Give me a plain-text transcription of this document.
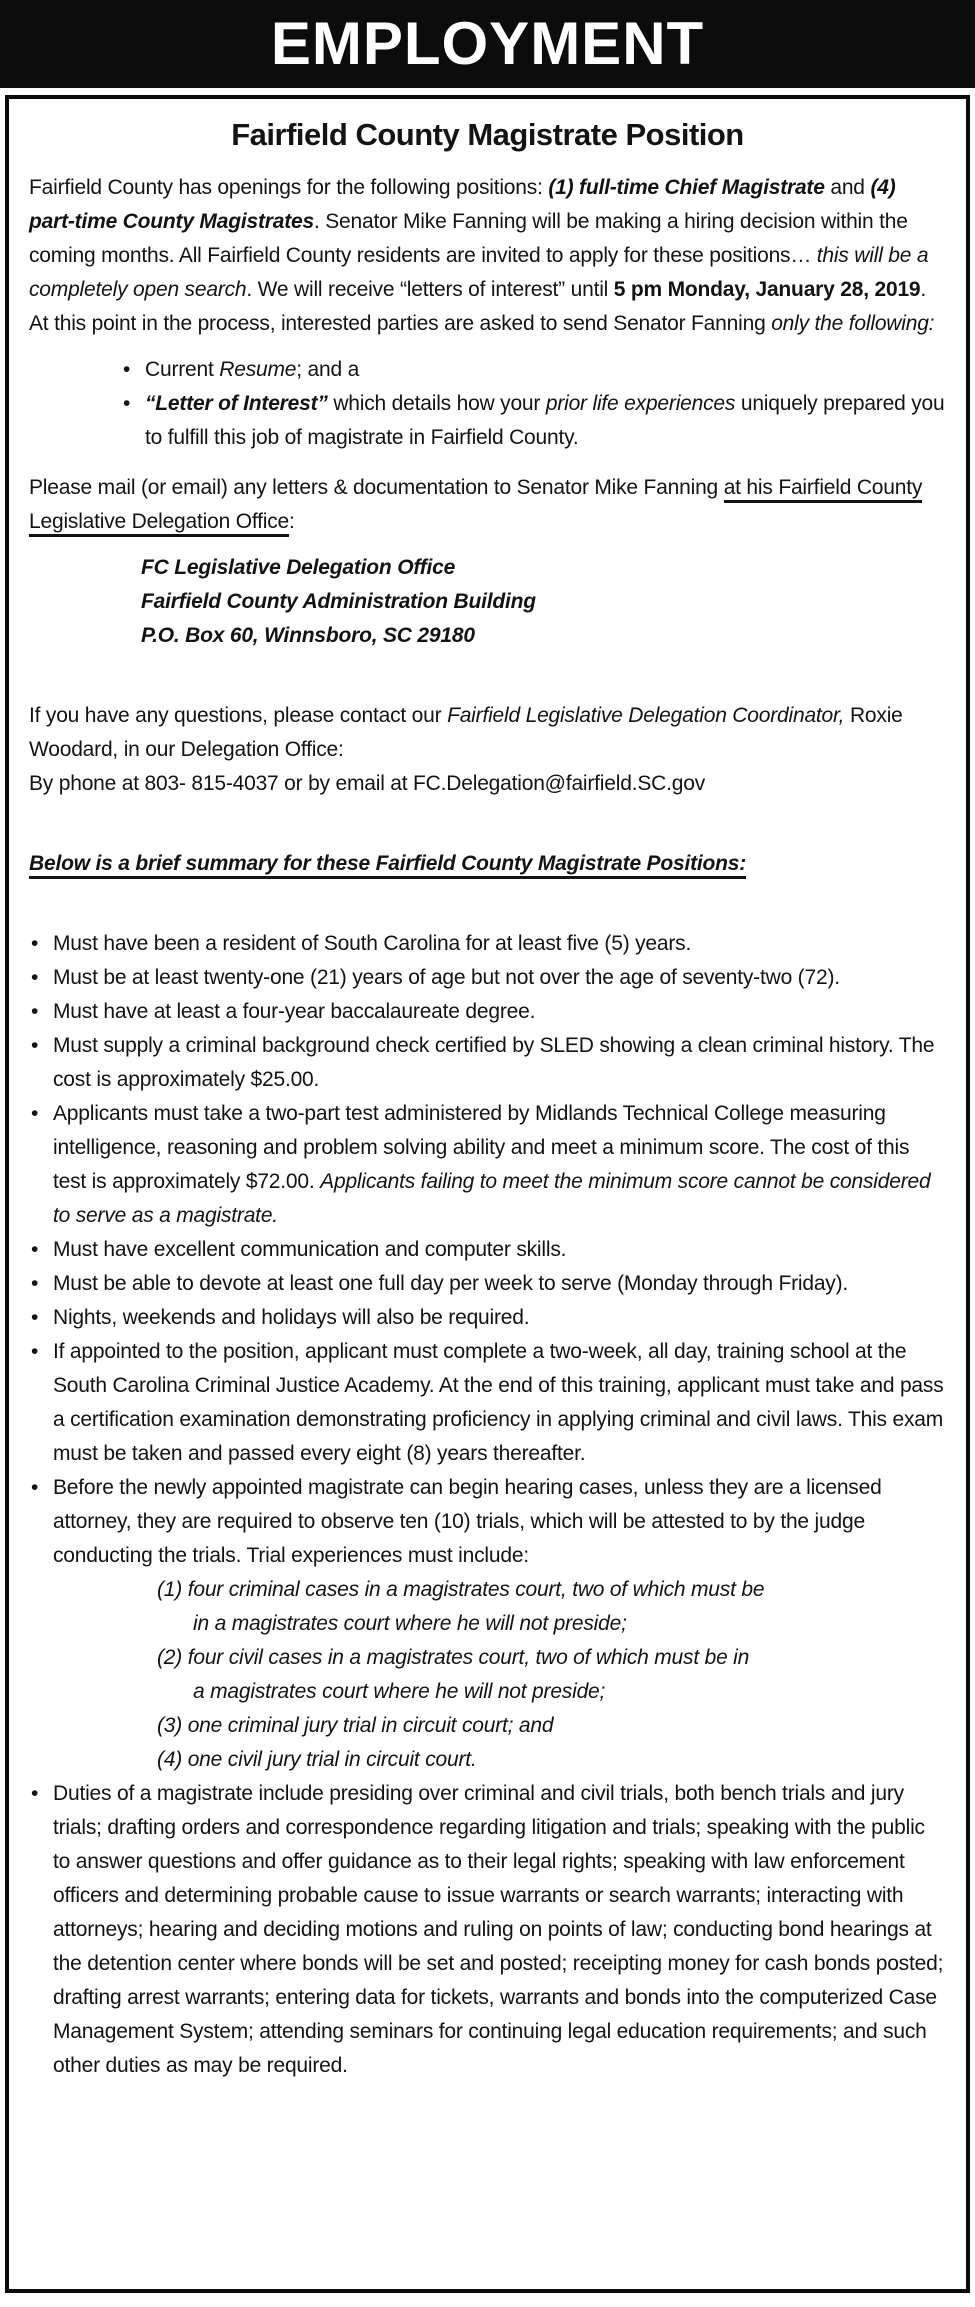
EMPLOYMENT
Fairfield County Magistrate Position

Fairfield County has openings for the following positions: (1) full-time Chief Magistrate and (4) part-time County Magistrates. Senator Mike Fanning will be making a hiring decision within the coming months. All Fairfield County residents are invited to apply for these positions… this will be a completely open search. We will receive “letters of interest” until 5 pm Monday, January 28, 2019. At this point in the process, interested parties are asked to send Senator Fanning only the following:

• Current Resume; and a
• “Letter of Interest” which details how your prior life experiences uniquely prepared you to fulfill this job of magistrate in Fairfield County.

Please mail (or email) any letters & documentation to Senator Mike Fanning at his Fairfield County Legislative Delegation Office:

FC Legislative Delegation Office
Fairfield County Administration Building
P.O. Box 60, Winnsboro, SC 29180

If you have any questions, please contact our Fairfield Legislative Delegation Coordinator, Roxie Woodard, in our Delegation Office:

By phone at 803- 815-4037 or by email at FC.Delegation@fairfield.SC.gov

Below is a brief summary for these Fairfield County Magistrate Positions:

• Must have been a resident of South Carolina for at least five (5) years.
• Must be at least twenty-one (21) years of age but not over the age of seventy-two (72).
• Must have at least a four-year baccalaureate degree.
• Must supply a criminal background check certified by SLED showing a clean criminal history. The cost is approximately $25.00.
• Applicants must take a two-part test administered by Midlands Technical College measuring intelligence, reasoning and problem solving ability and meet a minimum score. The cost of this test is approximately $72.00. Applicants failing to meet the minimum score cannot be considered to serve as a magistrate.
• Must have excellent communication and computer skills.
• Must be able to devote at least one full day per week to serve (Monday through Friday).
• Nights, weekends and holidays will also be required.
• If appointed to the position, applicant must complete a two-week, all day, training school at the South Carolina Criminal Justice Academy. At the end of this training, applicant must take and pass a certification examination demonstrating proficiency in applying criminal and civil laws. This exam must be taken and passed every eight (8) years thereafter.
• Before the newly appointed magistrate can begin hearing cases, unless they are a licensed attorney, they are required to observe ten (10) trials, which will be attested to by the judge conducting the trials. Trial experiences must include:
(1) four criminal cases in a magistrates court, two of which must be
in a magistrates court where he will not preside;
(2) four civil cases in a magistrates court, two of which must be in
a magistrates court where he will not preside;
(3) one criminal jury trial in circuit court; and
(4) one civil jury trial in circuit court.
• Duties of a magistrate include presiding over criminal and civil trials, both bench trials and jury trials; drafting orders and correspondence regarding litigation and trials; speaking with the public to answer questions and offer guidance as to their legal rights; speaking with law enforcement officers and determining probable cause to issue warrants or search warrants; interacting with attorneys; hearing and deciding motions and ruling on points of law; conducting bond hearings at the detention center where bonds will be set and posted; receipting money for cash bonds posted; drafting arrest warrants; entering data for tickets, warrants and bonds into the computerized Case Management System; attending seminars for continuing legal education requirements; and such other duties as may be required.
